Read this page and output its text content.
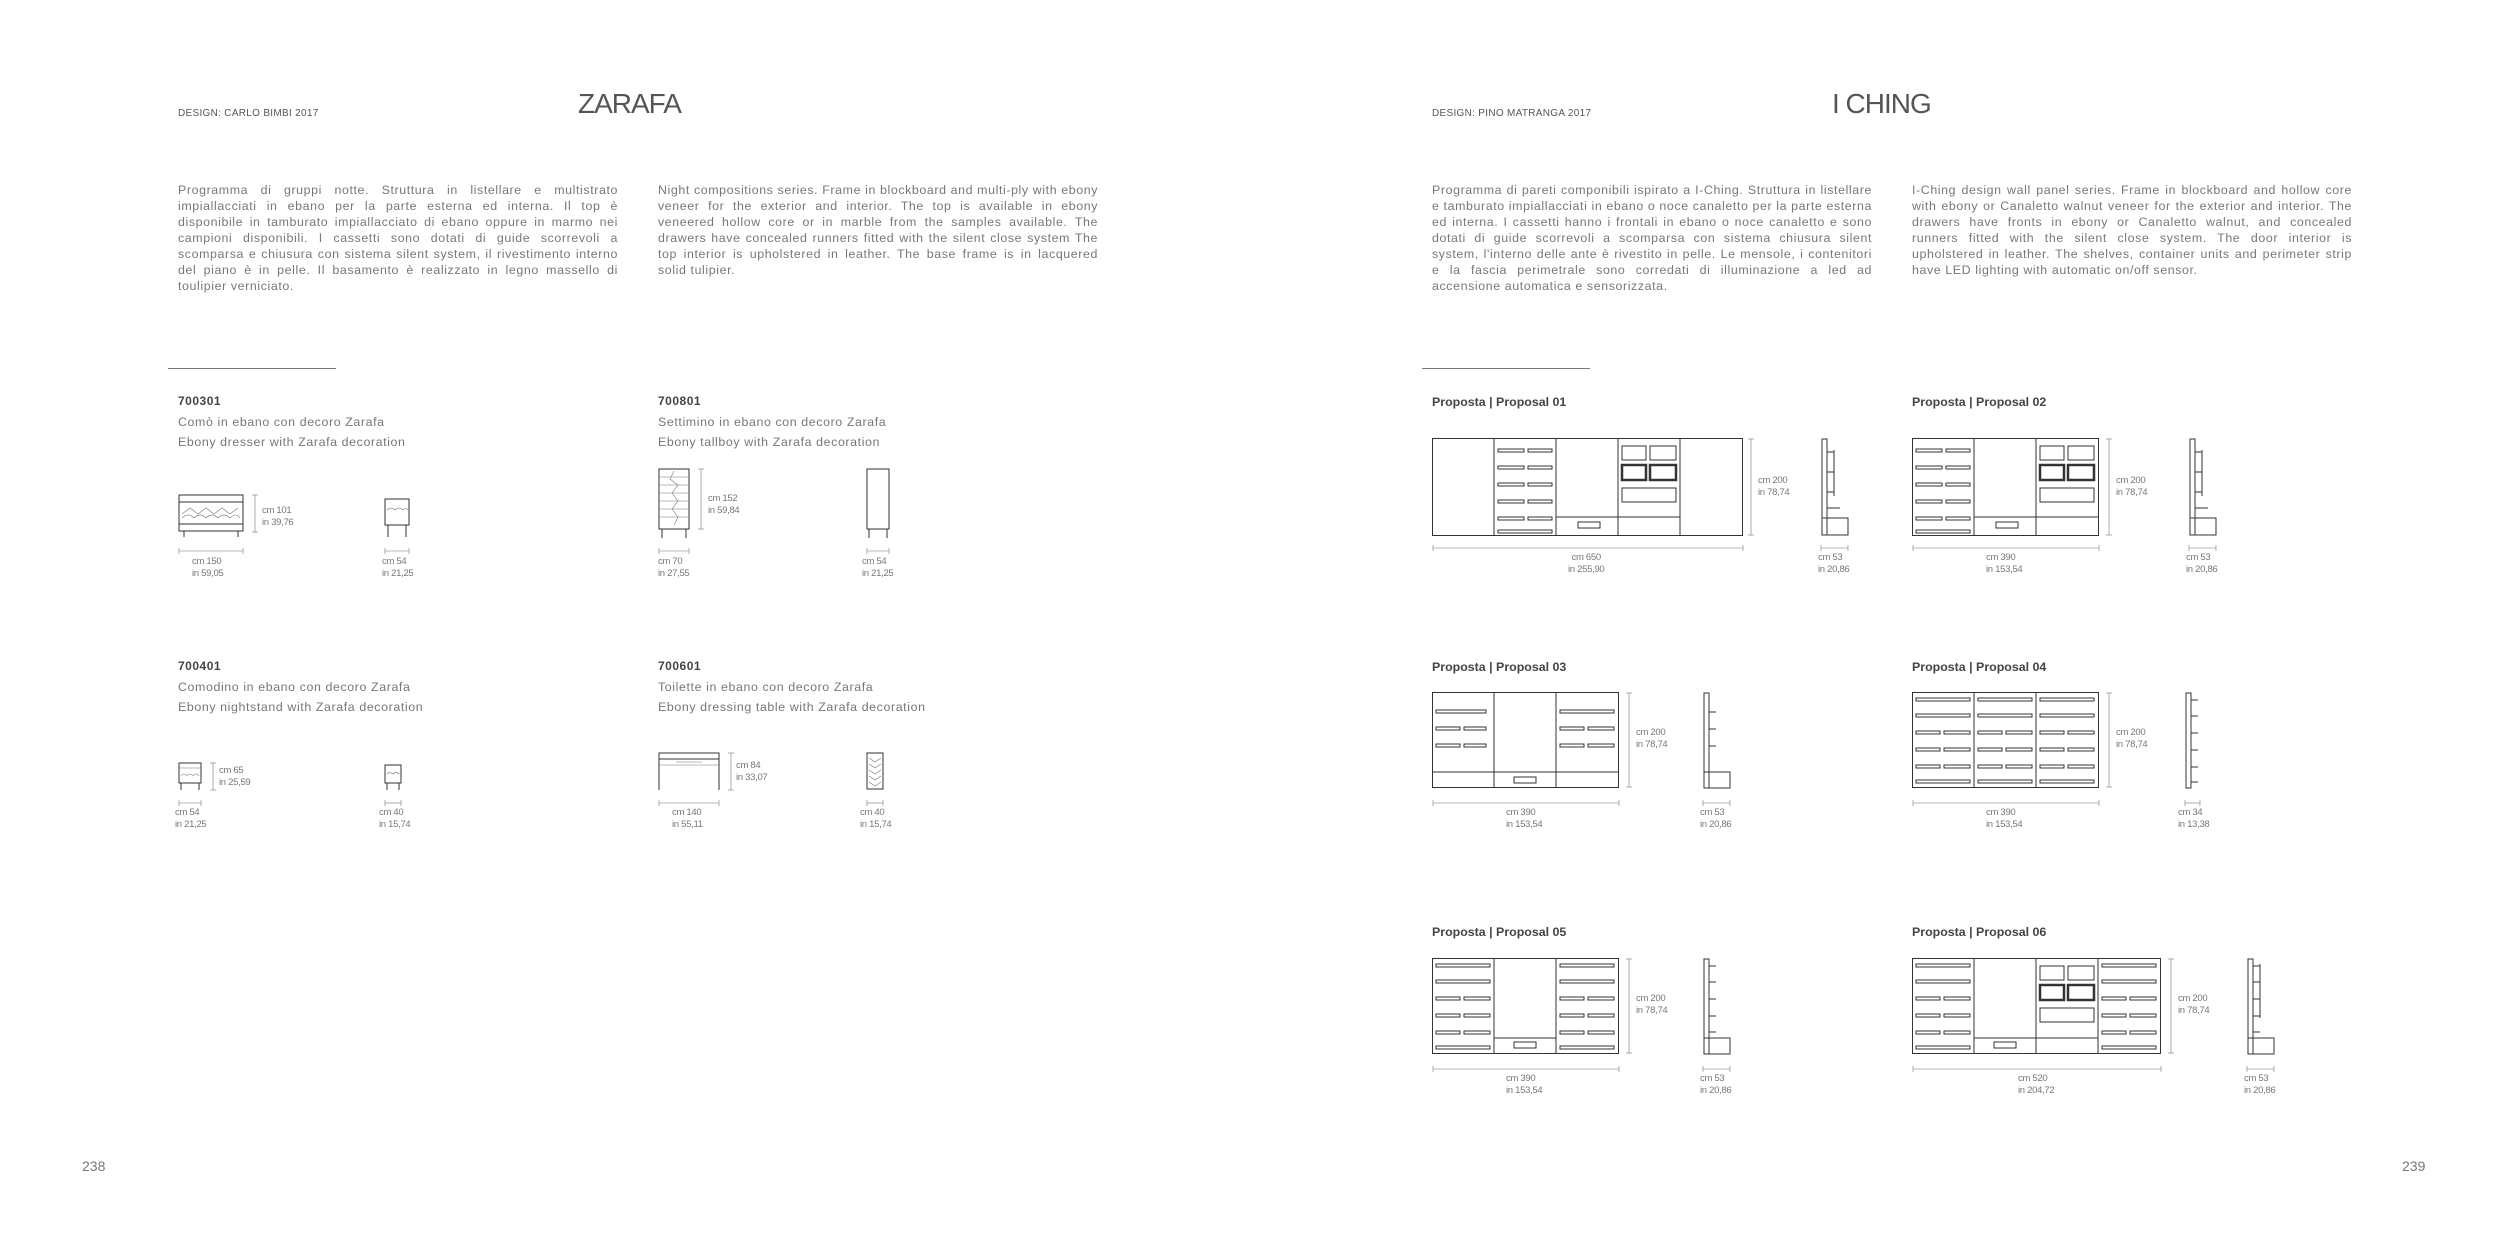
DESIGN: CARLO BIMBI 2017	ZARAFA
Programma di gruppi notte. Struttura in listellare e multistrato impiallacciati in ebano per la parte esterna ed interna. Il top è disponibile in tamburato impiallacciato di ebano oppure in marmo nei campioni disponibili. I cassetti sono dotati di guide scorrevoli a scomparsa e chiusura con sistema silent system, il rivestimento interno del piano è in pelle. Il basamento è realizzato in legno massello di toulipier verniciato.
Night compositions series. Frame in blockboard and multi-ply with ebony veneer for the exterior and interior. The top is available in ebony veneered hollow core or in marble from the samples available. The drawers have concealed runners fitted with the silent close system The top interior is upholstered in leather. The base frame is in lacquered solid tulipier.
700301
Comò in ebano con decoro Zarafa
Ebony dresser with Zarafa decoration
cm 101
in 39,76
cm 150
in 59,05
cm 54
in 21,25
700801
Settimino in ebano con decoro Zarafa
Ebony tallboy with Zarafa decoration
cm 152
in 59,84
cm 70
in 27,55
cm 54
in 21,25
700401
Comodino in ebano con decoro Zarafa
Ebony nightstand with Zarafa decoration
cm 65
in 25,59
cm 54
in 21,25
cm 40
in 15,74
700601
Toilette in ebano con decoro Zarafa
Ebony dressing table with Zarafa decoration
cm 84
in 33,07
cm 140
in 55,11
cm 40
in 15,74
238
DESIGN: PINO MATRANGA 2017	I CHING
Programma di pareti componibili ispirato a I-Ching. Struttura in listellare e tamburato impiallacciati in ebano o noce canaletto per la parte esterna ed interna. I cassetti hanno i frontali in ebano o noce canaletto e sono dotati di guide scorrevoli a scomparsa con sistema chiusura silent system, l'interno delle ante è rivestito in pelle. Le mensole, i contenitori e la fascia perimetrale sono corredati di illuminazione a led ad accensione automatica e sensorizzata.
I-Ching design wall panel series. Frame in blockboard and hollow core with ebony or Canaletto walnut veneer for the exterior and interior. The drawers have fronts in ebony or Canaletto walnut, and concealed runners fitted with the silent close system. The door interior is upholstered in leather. The shelves, container units and perimeter strip have LED lighting with automatic on/off sensor.
Proposta | Proposal 01
cm 200
in 78,74
cm 650
in 255,90
cm 53
in 20,86
Proposta | Proposal 02
cm 200
in 78,74
cm 390
in 153,54
cm 53
in 20,86
Proposta | Proposal 03
cm 200
in 78,74
cm 390
in 153,54
cm 53
in 20,86
Proposta | Proposal 04
cm 200
in 78,74
cm 390
in 153,54
cm 34
in 13,38
Proposta | Proposal 05
cm 200
in 78,74
cm 390
in 153,54
cm 53
in 20,86
Proposta | Proposal 06
cm 200
in 78,74
cm 520
in 204,72
cm 53
in 20,86
239
